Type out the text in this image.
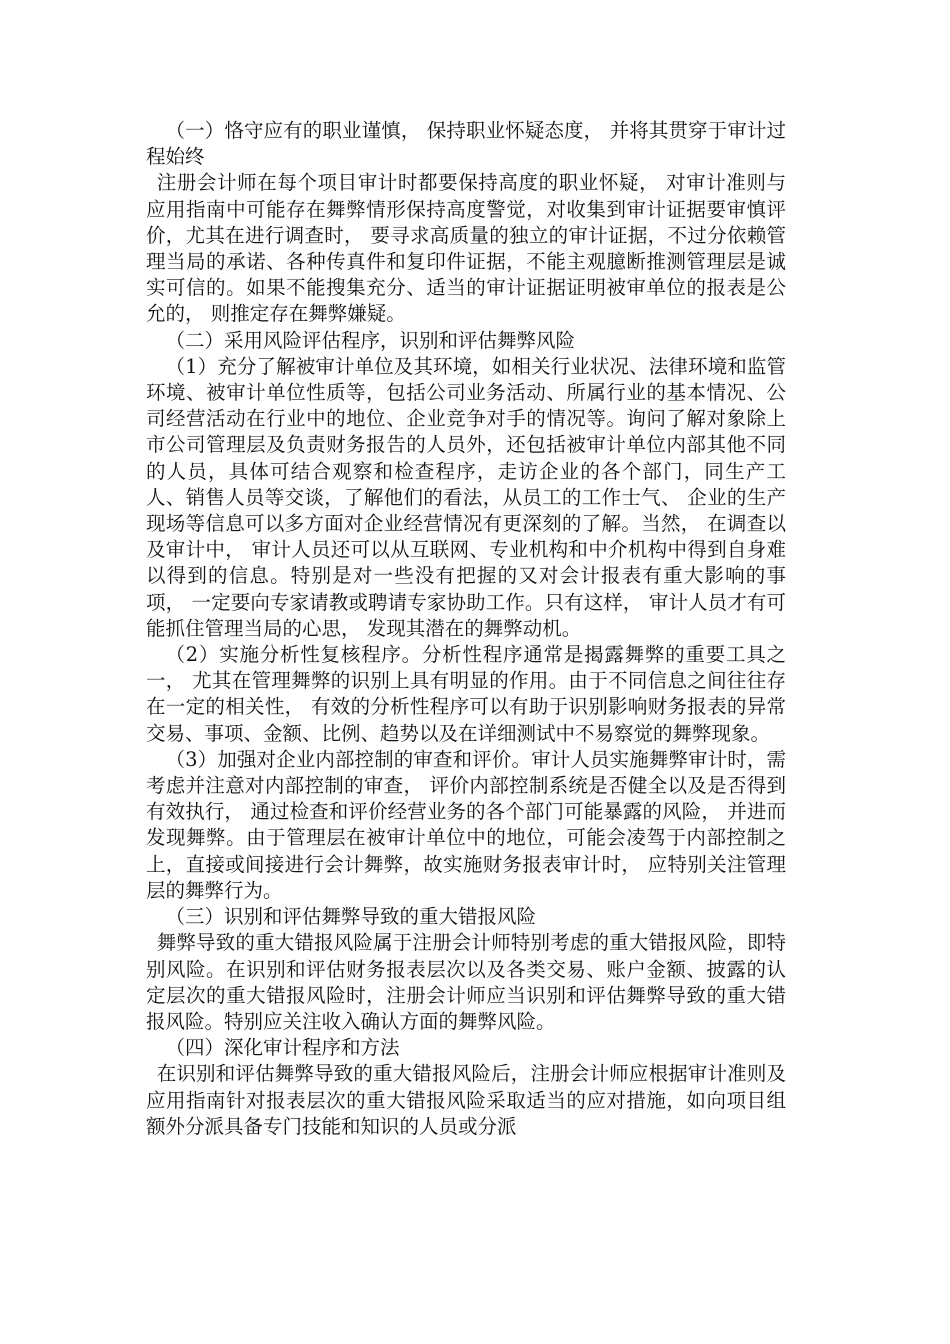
（一）恪守应有的职业谨慎， 保持职业怀疑态度， 并将其贯穿于审计过程始终

注册会计师在每个项目审计时都要保持高度的职业怀疑， 对审计准则与应用指南中可能存在舞弊情形保持高度警觉，对收集到审计证据要审慎评价，尤其在进行调查时， 要寻求高质量的独立的审计证据，不过分依赖管理当局的承诺、各种传真件和复印件证据，不能主观臆断推测管理层是诚实可信的。如果不能搜集充分、适当的审计证据证明被审单位的报表是公允的， 则推定存在舞弊嫌疑。

（二）采用风险评估程序，识别和评估舞弊风险

（1）充分了解被审计单位及其环境，如相关行业状况、法律环境和监管环境、被审计单位性质等，包括公司业务活动、所属行业的基本情况、公司经营活动在行业中的地位、企业竞争对手的情况等。询问了解对象除上市公司管理层及负责财务报告的人员外，还包括被审计单位内部其他不同的人员，具体可结合观察和检查程序，走访企业的各个部门，同生产工人、销售人员等交谈，了解他们的看法，从员工的工作士气、 企业的生产现场等信息可以多方面对企业经营情况有更深刻的了解。当然， 在调查以及审计中， 审计人员还可以从互联网、专业机构和中介机构中得到自身难以得到的信息。特别是对一些没有把握的又对会计报表有重大影响的事项， 一定要向专家请教或聘请专家协助工作。只有这样， 审计人员才有可能抓住管理当局的心思， 发现其潜在的舞弊动机。

（2）实施分析性复核程序。分析性程序通常是揭露舞弊的重要工具之一， 尤其在管理舞弊的识别上具有明显的作用。由于不同信息之间往往存在一定的相关性， 有效的分析性程序可以有助于识别影响财务报表的异常交易、事项、金额、比例、趋势以及在详细测试中不易察觉的舞弊现象。

（3）加强对企业内部控制的审查和评价。审计人员实施舞弊审计时，需考虑并注意对内部控制的审查， 评价内部控制系统是否健全以及是否得到有效执行， 通过检查和评价经营业务的各个部门可能暴露的风险， 并进而发现舞弊。由于管理层在被审计单位中的地位，可能会凌驾于内部控制之上，直接或间接进行会计舞弊，故实施财务报表审计时， 应特别关注管理层的舞弊行为。

（三）识别和评估舞弊导致的重大错报风险

舞弊导致的重大错报风险属于注册会计师特别考虑的重大错报风险，即特别风险。在识别和评估财务报表层次以及各类交易、账户金额、披露的认定层次的重大错报风险时，注册会计师应当识别和评估舞弊导致的重大错报风险。特别应关注收入确认方面的舞弊风险。

（四）深化审计程序和方法

在识别和评估舞弊导致的重大错报风险后，注册会计师应根据审计准则及应用指南针对报表层次的重大错报风险采取适当的应对措施，如向项目组额外分派具备专门技能和知识的人员或分派
